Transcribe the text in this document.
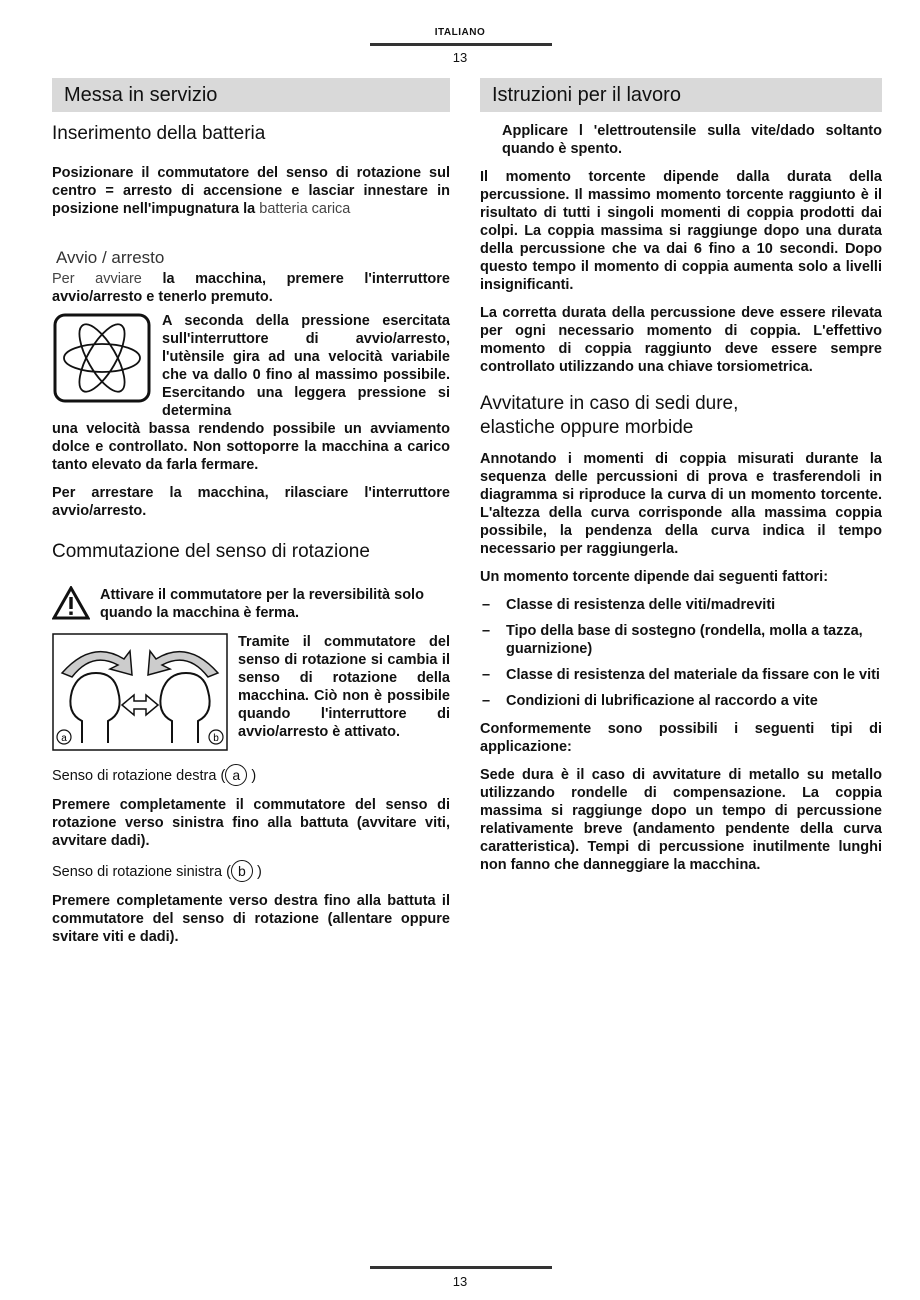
ITALIANO
13
Messa in servizio
Inserimento della batteria

Posizionare il commutatore del senso di rotazione sul centro = arresto di accensione e lasciar innestare in posizione nell'impugnatura la batteria carica

Avvio / arresto

Per avviare la macchina, premere l'interruttore avvio/arresto e tenerlo premuto.

A seconda della pressione esercitata sull'interruttore di avvio/arresto, l'utènsile gira ad una velocità variabile che va dallo 0 fino al massimo possibile. Esercitando una leggera pressione si determina

una velocità bassa rendendo possibile un avviamento dolce e controllato. Non sottoporre la macchina a carico tanto elevato da farla fermare.

Per arrestare la macchina, rilasciare l'interruttore avvio/arresto.

Commutazione del senso di rotazione

Attivare il commutatore per la reversibilità solo quando la macchina è ferma.

a	b

Tramite il commutatore del senso di rotazione si cambia il senso di rotazione della macchina. Ciò non è possibile quando l'interruttore di avvio/arresto è attivato.

Senso di rotazione destra ( a )

Premere completamente il commutatore del senso di rotazione verso sinistra fino alla battuta (avvitare viti, avvitare dadi).

Senso di rotazione sinistra ( b )

Premere completamente verso destra fino alla battuta il commutatore del senso di rotazione (allentare oppure svitare viti e dadi).

Istruzioni per il lavoro

Applicare l 'elettroutensile sulla vite/dado soltanto quando è spento.

Il momento torcente dipende dalla durata della percussione. Il massimo momento torcente raggiunto è il risultato di tutti i singoli momenti di coppia prodotti dai colpi. La coppia massima si raggiunge dopo una durata della percussione che va dai 6 fino a 10 secondi. Dopo questo tempo il momento di coppia aumenta solo a livelli insignificanti.

La corretta durata della percussione deve essere rilevata per ogni necessario momento di coppia. L'effettivo momento di coppia raggiunto deve essere sempre controllato utilizzando una chiave torsiometrica.

Avvitature in caso di sedi dure,
elastiche oppure morbide

Annotando i momenti di coppia misurati durante la sequenza delle percussioni di prova e trasferendoli in diagramma si riproduce la curva di un momento torcente. L'altezza della curva corrisponde alla massima coppia possibile, la pendenza della curva indica il tempo necessario per raggiungerla.

Un momento torcente dipende dai seguenti fattori:

– Classe di resistenza delle viti/madreviti
– Tipo della base di sostegno (rondella, molla a tazza, guarnizione)
– Classe di resistenza del materiale da fissare con le viti
– Condizioni di lubrificazione al raccordo a vite

Conformemente sono possibili i seguenti tipi di applicazione:

Sede dura è il caso di avvitature di metallo su metallo utilizzando rondelle di compensazione. La coppia massima si raggiunge dopo un tempo di percussione relativamente breve (andamento pendente della curva caratteristica). Tempi di percussione inutilmente lunghi non fanno che danneggiare la macchina.

13
